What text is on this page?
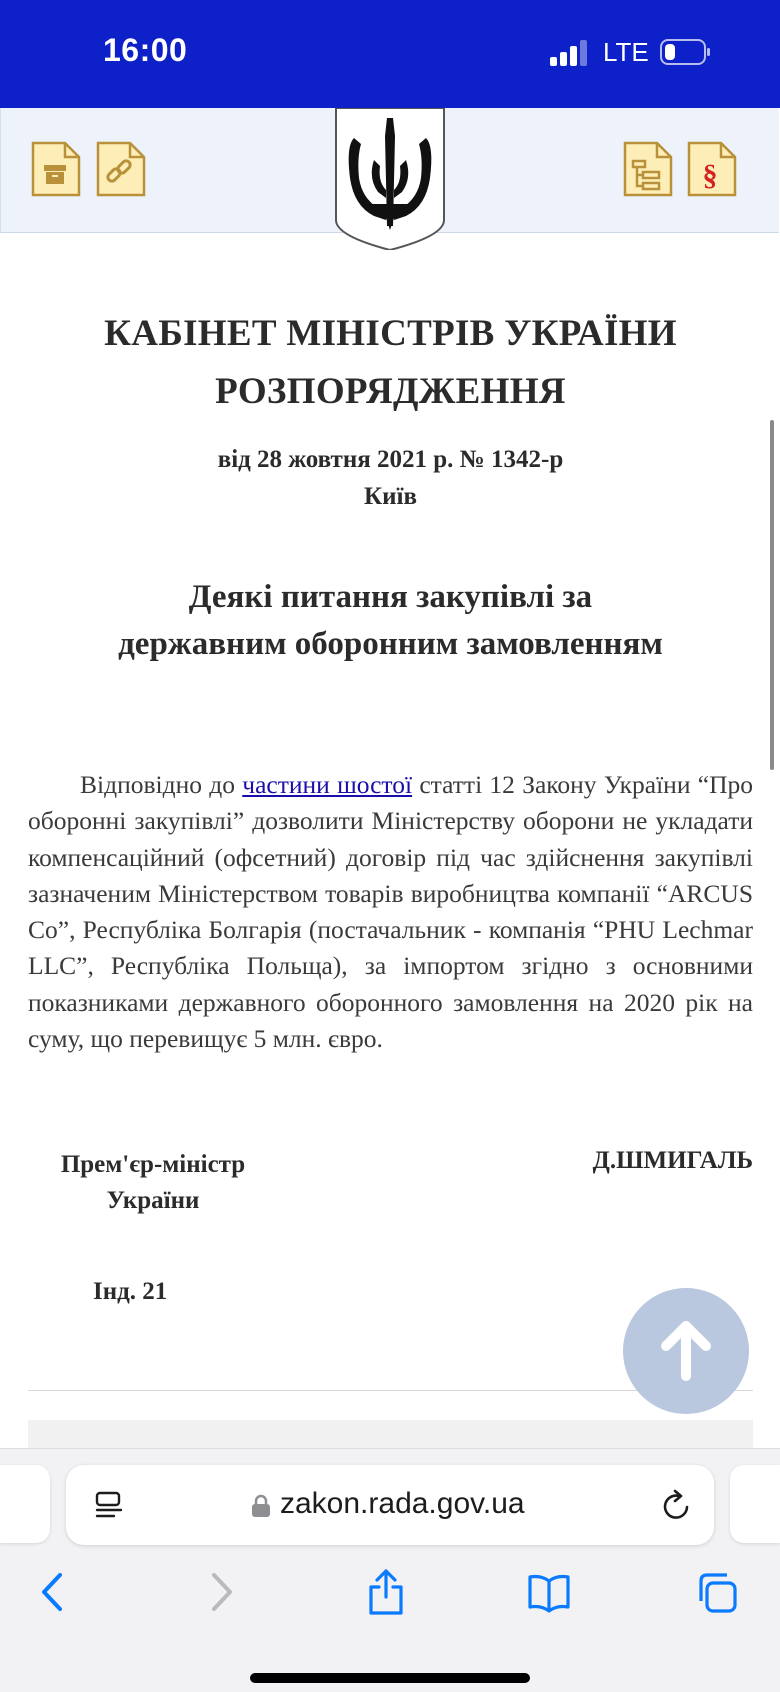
16:00	LTE
§
КАБІНЕТ МІНІСТРІВ УКРАЇНИ
РОЗПОРЯДЖЕННЯ
від 28 жовтня 2021 р. № 1342-р
Київ
Деякі питання закупівлі за державним оборонним замовленням
Відповідно до частини шостої статті 12 Закону України “Про оборонні закупівлі” дозволити Міністерству оборони не укладати компенсаційний (офсетний) договір під час здійснення закупівлі зазначеним Міністерством товарів виробництва компанії “ARCUS Co”, Республіка Болгарія (постачальник - компанія “PHU Lechmar LLC”, Республіка Польща), за імпортом згідно з основними показниками державного оборонного замовлення на 2020 рік на суму, що перевищує 5 млн. євро.
Прем'єр-міністр
України
Д.ШМИГАЛЬ
Інд. 21
zakon.rada.gov.ua
